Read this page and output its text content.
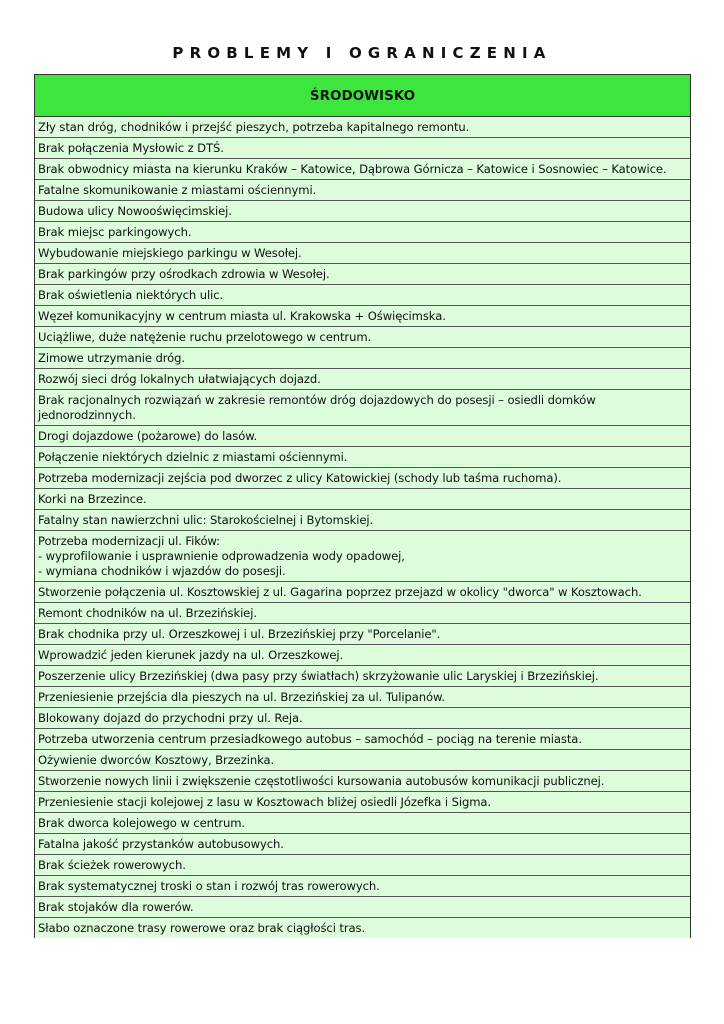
PROBLEMY I OGRANICZENIA
ŚRODOWISKO
Zły stan dróg, chodników i przejść pieszych, potrzeba kapitalnego remontu.
Brak połączenia Mysłowic z DTŚ.
Brak obwodnicy miasta na kierunku Kraków – Katowice, Dąbrowa Górnicza – Katowice i Sosnowiec – Katowice.
Fatalne skomunikowanie z miastami ościennymi.
Budowa ulicy Nowooświęcimskiej.
Brak miejsc parkingowych.
Wybudowanie miejskiego parkingu w Wesołej.
Brak parkingów przy ośrodkach zdrowia w Wesołej.
Brak oświetlenia niektórych ulic.
Węzeł komunikacyjny w centrum miasta ul. Krakowska + Oświęcimska.
Uciążliwe, duże natężenie ruchu przelotowego w centrum.
Zimowe utrzymanie dróg.
Rozwój sieci dróg lokalnych ułatwiających dojazd.
Brak racjonalnych rozwiązań w zakresie remontów dróg dojazdowych do posesji – osiedli domków jednorodzinnych.
Drogi dojazdowe (pożarowe) do lasów.
Połączenie niektórych dzielnic z miastami ościennymi.
Potrzeba modernizacji zejścia pod dworzec z ulicy Katowickiej (schody lub taśma ruchoma).
Korki na Brzezince.
Fatalny stan nawierzchni ulic: Starokościelnej i Bytomskiej.
Potrzeba modernizacji ul. Fików:
- wyprofilowanie i usprawnienie odprowadzenia wody opadowej,
- wymiana chodników i wjazdów do posesji.
Stworzenie połączenia ul. Kosztowskiej z ul. Gagarina poprzez przejazd w okolicy "dworca" w Kosztowach.
Remont chodników na ul. Brzezińskiej.
Brak chodnika przy ul. Orzeszkowej i ul. Brzezińskiej przy "Porcelanie".
Wprowadzić jeden kierunek jazdy na ul. Orzeszkowej.
Poszerzenie ulicy Brzezińskiej (dwa pasy przy światłach) skrzyżowanie ulic Laryskiej i Brzezińskiej.
Przeniesienie przejścia dla pieszych na ul. Brzezińskiej za ul. Tulipanów.
Blokowany dojazd do przychodni przy ul. Reja.
Potrzeba utworzenia centrum przesiadkowego autobus – samochód – pociąg na terenie miasta.
Ożywienie dworców Kosztowy, Brzezinka.
Stworzenie nowych linii i zwiększenie częstotliwości kursowania autobusów komunikacji publicznej.
Przeniesienie stacji kolejowej z lasu w Kosztowach bliżej osiedli Józefka i Sigma.
Brak dworca kolejowego w centrum.
Fatalna jakość przystanków autobusowych.
Brak ścieżek rowerowych.
Brak systematycznej troski o stan i rozwój tras rowerowych.
Brak stojaków dla rowerów.
Słabo oznaczone trasy rowerowe oraz brak ciągłości tras.
